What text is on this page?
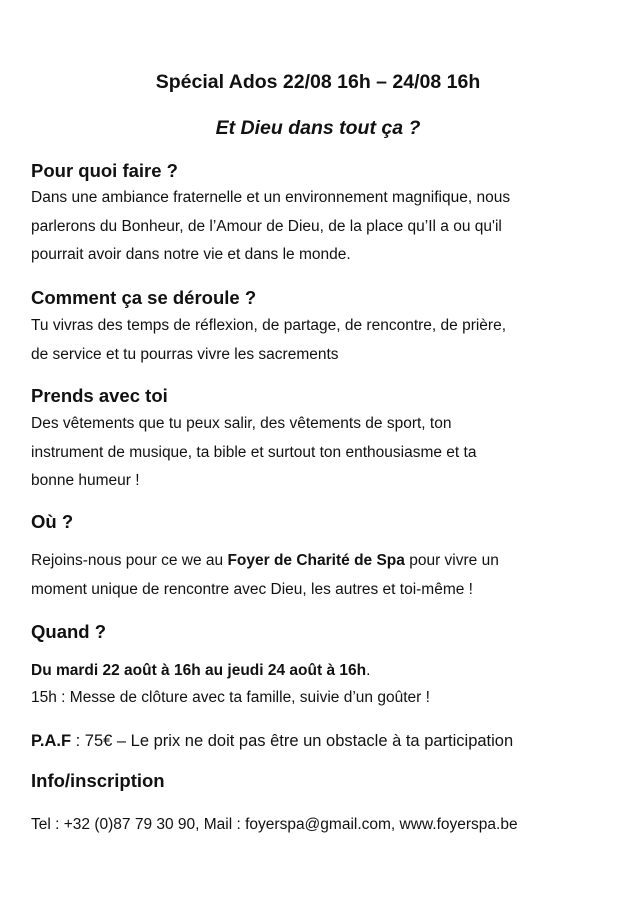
Spécial Ados 22/08 16h – 24/08 16h
Et Dieu dans tout ça ?
Pour quoi faire ?
Dans une ambiance fraternelle et un environnement magnifique, nous
parlerons du Bonheur, de l’Amour de Dieu, de la place qu’Il a ou qu'il
pourrait avoir dans notre vie et dans le monde.
Comment ça se déroule ?
Tu vivras des temps de réflexion, de partage, de rencontre, de prière,
de service et tu pourras vivre les sacrements
Prends avec toi
Des vêtements que tu peux salir, des vêtements de sport, ton
instrument de musique, ta bible et surtout ton enthousiasme et ta
bonne humeur !
Où ?
Rejoins-nous pour ce we au Foyer de Charité de Spa pour vivre un
moment unique de rencontre avec Dieu, les autres et toi-même !
Quand ?
Du mardi 22 août à 16h au jeudi 24 août à 16h.
15h : Messe de clôture avec ta famille, suivie d’un goûter !
P.A.F : 75€ – Le prix ne doit pas être un obstacle à ta participation
Info/inscription
Tel : +32 (0)87 79 30 90, Mail : foyerspa@gmail.com, www.foyerspa.be
